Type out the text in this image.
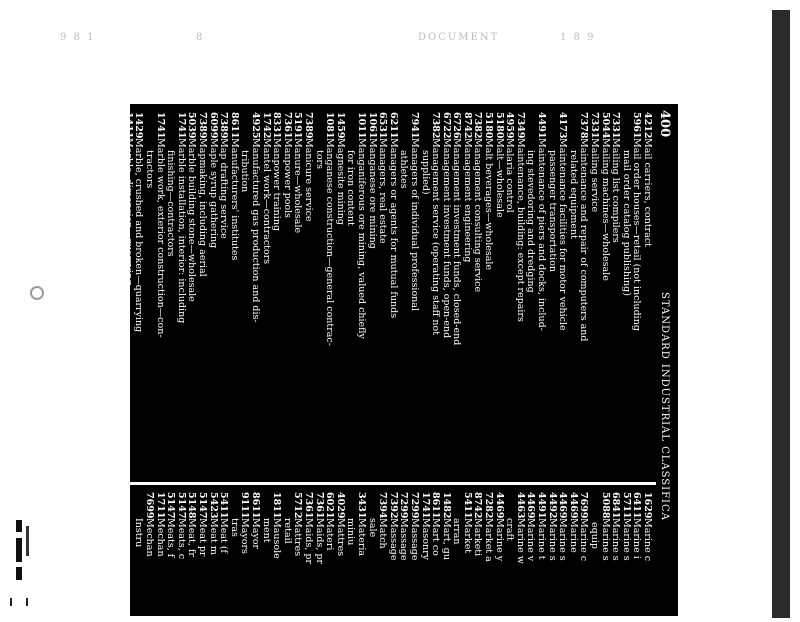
9 8 1	8	DOCUMENT	1 8 9
400
STANDARD INDUSTRIAL CLASSIFICA
4212Mail carriers, contract
5961Mail order houses—retail (not including
mail order catalog publishing)
7331Mailing list compilers
5044Mailing machines—wholesale
7331Mailing service
7378Maintenance and repair of computers and
related equipment
4173Maintenance facilities for motor vehicle
passenger transportation
4491Maintenance of piers and docks, includ-
ing stevedoring and dredging
7349Maintenance, building: except repairs
4959Malaria control
5180Malt—wholesale
5180Malt beverages—wholesale
7382Management consulting service
8742Management engineering
6726Management investment funds, closed-end
6722Management investment funds, open-end
7382Management service (operating staff not
supplied)
7941Managers of individual professional
athletes
6211Managers or agents for mutual funds
6531Managers, real estate
1061Manganese ore mining
1011Manganiferous ore mining, valued chiefly
for iron content
1459Magnesite mining
1081Manganese construction—general contrac-
tors
7389Manicure service
5191Manure—wholesale
7361Manpower pools
8331Manpower training
1742Mantel work—contractors
4925Manufactured gas production and dis-
tribution
8611Manufacturers' institutes
7389Map drafting service
6099Maple syrup gathering
7389Mapmaking, including aerial
5039Marble building stone—wholesale
1741Marble installation, interior: including
finishing—contractors
1741Marble work, exterior construction—con-
tractors
1429Marble, crushed and broken—quarrying
1411Marble, dimension—quarrying
1459Marl mining
4493Marinas
4469Marine basins, renting and operating
4463Marine cargo handling
1629Marine c
6411Marine i
5711Marine s
6841Marine s
5088Marine s
equip
7699Marine c
4469Marine
4469Marine s
4492Marine s
4491Marine t
4469Marine v
4463Marine w
craft
4469Marine y
7282Market a
8742Marketi
5411Market
arran
1482Mart, gu
8611Mart co
1741Masonry
7299Massage
7299Massage
7392Massage
7394Match
sale
3431Materia
miniu
4029Mattres
6021Materi
7361Maids, pr
7361Maids, pr
5712Mattres
retail
1811Mausole
ment
8611Mayor
9111Mayors
tras
5411Meat (f
5423Meat m
5147Meat pr
5148Meat, fr
5147Meats, c
5147Meats, f
1711Mechan
7699Mechan
Instru
